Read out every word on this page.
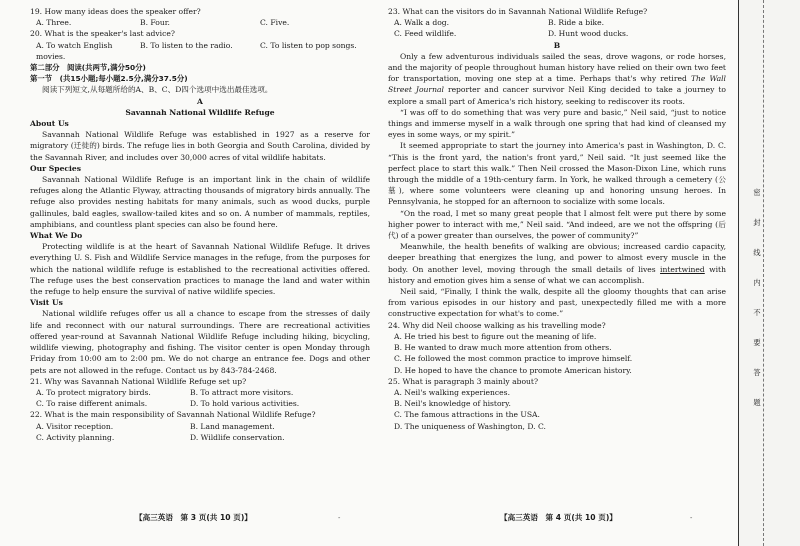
19. How many ideas does the speaker offer?
A. Three.	B. Four.	C. Five.
20. What is the speaker's last advice?
A. To watch English movies.
B. To listen to the radio.	C. To listen to pop songs.
第二部分　阅读(共两节,满分50分)
第一节　(共15小题;每小题2.5分,满分37.5分)
阅读下列短文,从每题所给的A、B、C、D四个选项中选出最佳选项。
A
Savannah National Wildlife Refuge
About Us
Savannah National Wildlife Refuge was established in 1927 as a reserve for migratory (迁徙的) birds. The refuge lies in both Georgia and South Carolina, divided by the Savannah River, and includes over 30,000 acres of vital wildlife habitats.
Our Species
Savannah National Wildlife Refuge is an important link in the chain of wildlife refuges along the Atlantic Flyway, attracting thousands of migratory birds annually. The refuge also provides nesting habitats for many animals, such as wood ducks, purple gallinules, bald eagles, swallow-tailed kites and so on. A number of mammals, reptiles, amphibians, and countless plant species can also be found here.
What We Do
Protecting wildlife is at the heart of Savannah National Wildlife Refuge. It drives everything U. S. Fish and Wildlife Service manages in the refuge, from the purposes for which the national wildlife refuge is established to the recreational activities offered. The refuge uses the best conservation practices to manage the land and water within the refuge to help ensure the survival of native wildlife species.
Visit Us
National wildlife refuges offer us all a chance to escape from the stresses of daily life and reconnect with our natural surroundings. There are recreational activities offered year-round at Savannah National Wildlife Refuge including hiking, bicycling, wildlife viewing, photography and fishing. The visitor center is open Monday through Friday from 10:00 am to 2:00 pm. We do not charge an entrance fee. Dogs and other pets are not allowed in the refuge. Contact us by 843-784-2468.
21. Why was Savannah National Wildlife Refuge set up?
A. To protect migratory birds.	B. To attract more visitors.
C. To raise different animals.	D. To hold various activities.
22. What is the main responsibility of Savannah National Wildlife Refuge?
A. Visitor reception.	B. Land management.
C. Activity planning.	D. Wildlife conservation.
23. What can the visitors do in Savannah National Wildlife Refuge?
A. Walk a dog.	B. Ride a bike.
C. Feed wildlife.	D. Hunt wood ducks.
B
Only a few adventurous individuals sailed the seas, drove wagons, or rode horses, and the majority of people throughout human history have relied on their own two feet for transportation, moving one step at a time. Perhaps that's why retired The Wall Street Journal reporter and cancer survivor Neil King decided to take a journey to explore a small part of America's rich history, seeking to rediscover its roots.
“I was off to do something that was very pure and basic,” Neil said, “just to notice things and immerse myself in a walk through one spring that had kind of cleansed my eyes in some ways, or my spirit.”
It seemed appropriate to start the journey into America's past in Washington, D. C. “This is the front yard, the nation's front yard,” Neil said. “It just seemed like the perfect place to start this walk.” Then Neil crossed the Mason-Dixon Line, which runs through the middle of a 19th-century farm. In York, he walked through a cemetery (公墓), where some volunteers were cleaning up and honoring unsung heroes. In Pennsylvania, he stopped for an afternoon to socialize with some locals.
“On the road, I met so many great people that I almost felt were put there by some higher power to interact with me,” Neil said. “And indeed, are we not the offspring (后代) of a power greater than ourselves, the power of community?”
Meanwhile, the health benefits of walking are obvious; increased cardio capacity, deeper breathing that energizes the lung, and power to almost every muscle in the body. On another level, moving through the small details of lives intertwined with history and emotion gives him a sense of what we can accomplish.
Neil said, “Finally, I think the walk, despite all the gloomy thoughts that can arise from various episodes in our history and past, unexpectedly filled me with a more constructive expectation for what's to come.”
24. Why did Neil choose walking as his travelling mode?
A. He tried his best to figure out the meaning of life.
B. He wanted to draw much more attention from others.
C. He followed the most common practice to improve himself.
D. He hoped to have the chance to promote American history.
25. What is paragraph 3 mainly about?
A. Neil's walking experiences.
B. Neil's knowledge of history.
C. The famous attractions in the USA.
D. The uniqueness of Washington, D. C.
【高三英语　第 3 页(共 10 页)】	-	【高三英语　第 4 页(共 10 页)】	-
密封线内不要答题
